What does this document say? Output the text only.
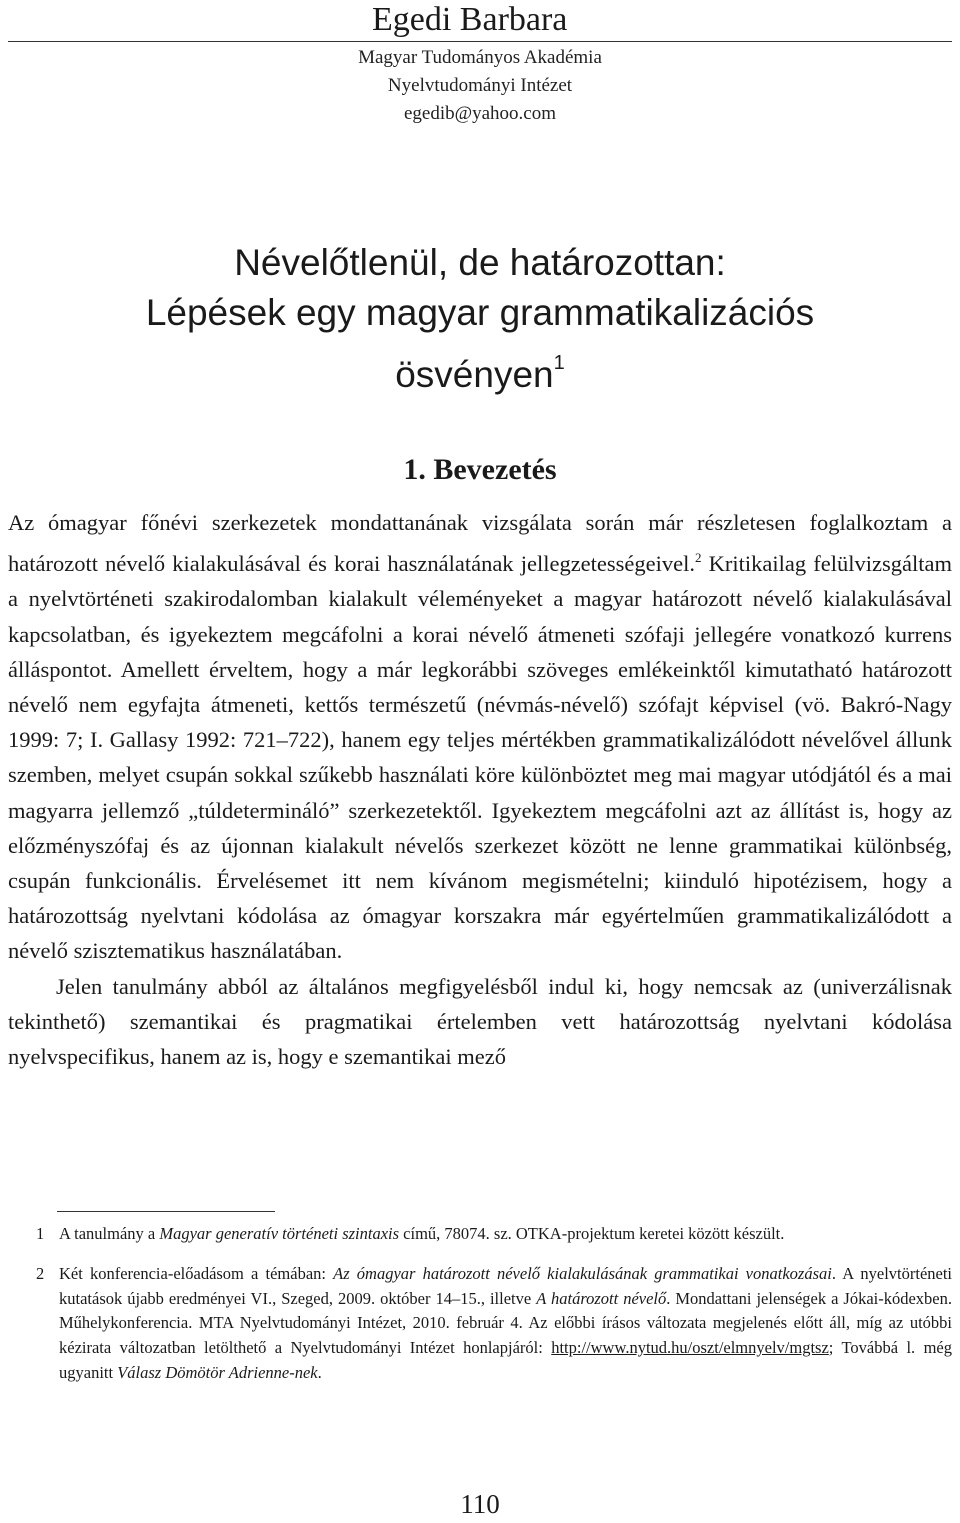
Egedi Barbara
Magyar Tudományos Akadémia
Nyelvtudományi Intézet
egedib@yahoo.com
Névelőtlenül, de határozottan:
Lépések egy magyar grammatikalizációs
ösvényen$^1$
1. Bevezetés

Az ómagyar főnévi szerkezetek mondattanának vizsgálata során már részletesen foglalkoztam a határozott névelő kialakulásával és korai használatának jellegzetességeivel.$^2$ Kritikailag felülvizsgáltam a nyelvtörténeti szakirodalomban kialakult véleményeket a magyar határozott névelő kialakulásával kapcsolatban, és igyekeztem megcáfolni a korai névelő átmeneti szófaji jellegére vonatkozó kurrens álláspontot. Amellett érveltem, hogy a már legkorábbi szöveges emlékeinktől kimutatható határozott névelő nem egyfajta átmeneti, kettős természetű (névmás-névelő) szófajt képvisel (vö. Bakró-Nagy 1999: 7; I. Gallasy 1992: 721–722), hanem egy teljes mértékben grammatikalizálódott névelővel állunk szemben, melyet csupán sokkal szűkebb használati köre különböztet meg mai magyar utódjától és a mai magyarra jellemző „túldetermináló” szerkezetektől. Igyekeztem megcáfolni azt az állítást is, hogy az előzményszófaj és az újonnan kialakult névelős szerkezet között ne lenne grammatikai különbség, csupán funkcionális. Érvelésemet itt nem kívánom megismételni; kiinduló hipotézisem, hogy a határozottság nyelvtani kódolása az ómagyar korszakra már egyértelműen grammatikalizálódott a névelő szisztematikus használatában.

Jelen tanulmány abból az általános megfigyelésből indul ki, hogy nemcsak az (univerzálisnak tekinthető) szemantikai és pragmatikai értelemben vett határozottság nyelvtani kódolása nyelvspecifikus, hanem az is, hogy e szemantikai mező

1 A tanulmány a Magyar generatív történeti szintaxis című, 78074. sz. OTKA-projektum keretei között készült.
2 Két konferencia-előadásom a témában: Az ómagyar határozott névelő kialakulásának grammatikai vonatkozásai. A nyelvtörténeti kutatások újabb eredményei VI., Szeged, 2009. október 14–15., illetve A határozott névelő. Mondattani jelenségek a Jókai-kódexben. Műhelykonferencia. MTA Nyelvtudományi Intézet, 2010. február 4. Az előbbi írásos változata megjelenés előtt áll, míg az utóbbi kézirata változatban letölthető a Nyelvtudományi Intézet honlapjáról: http://www.nytud.hu/oszt/elmnyelv/mgtsz; Továbbá l. még ugyanitt Válasz Dömötör Adrienne-nek.
110
